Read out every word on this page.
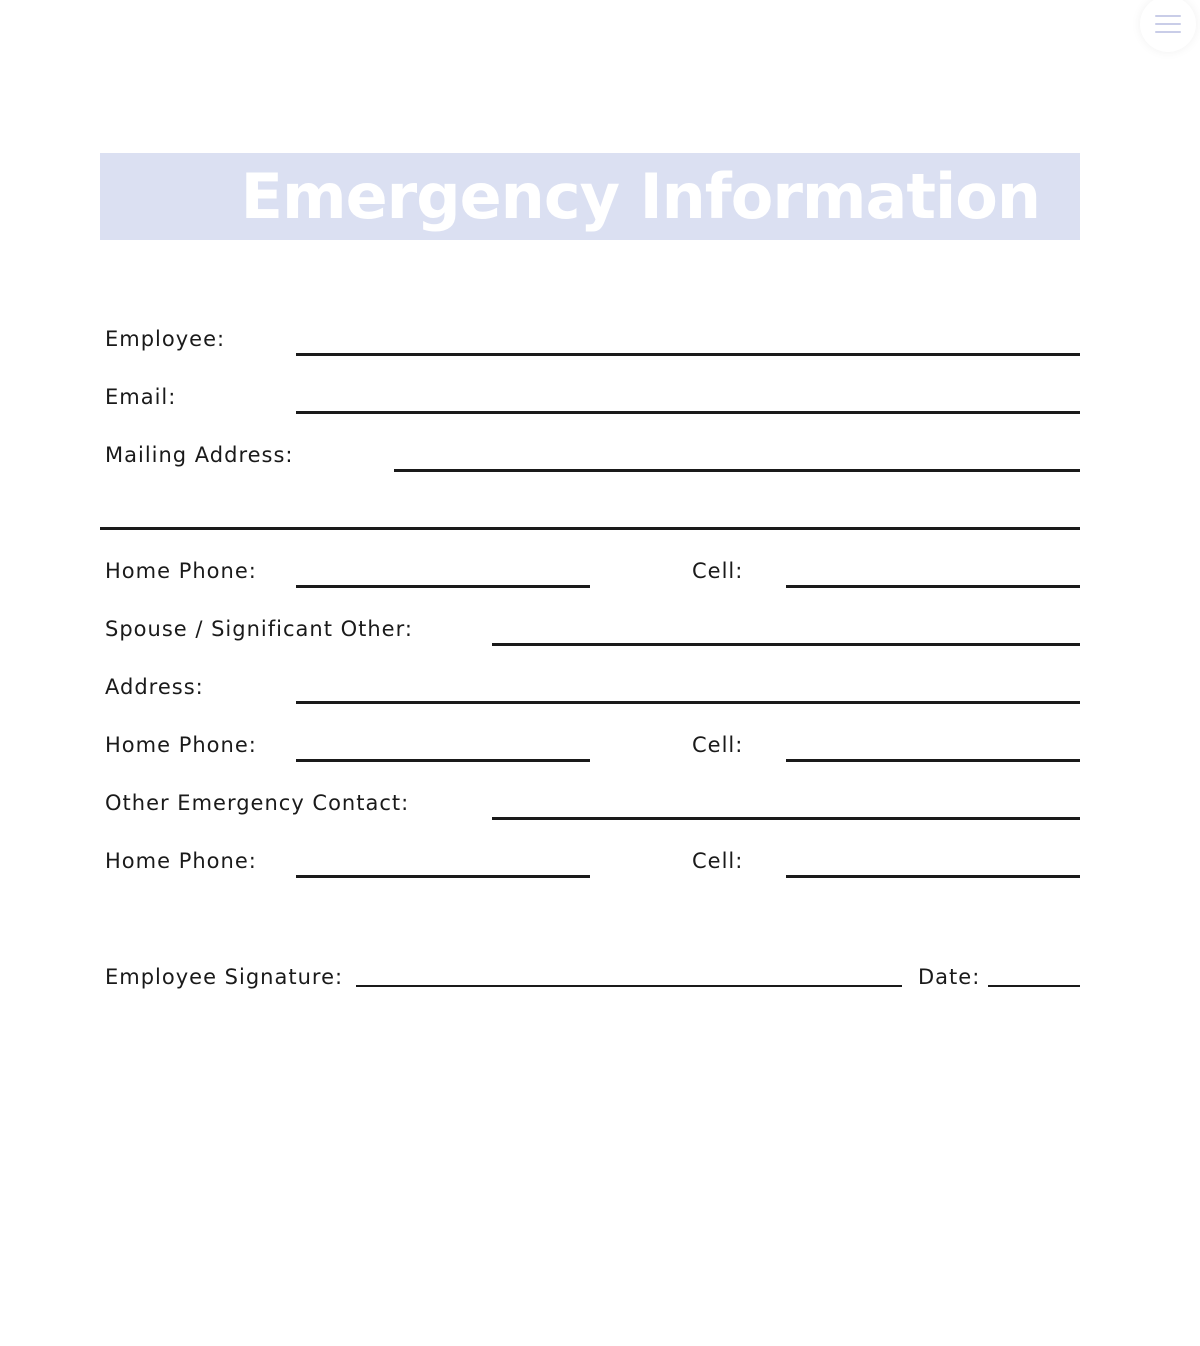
Emergency Information
Employee:
Email:
Mailing Address:
Home Phone:	Cell:
Spouse / Significant Other:
Address:
Home Phone:	Cell:
Other Emergency Contact:
Home Phone:	Cell:
Employee Signature:	Date:
